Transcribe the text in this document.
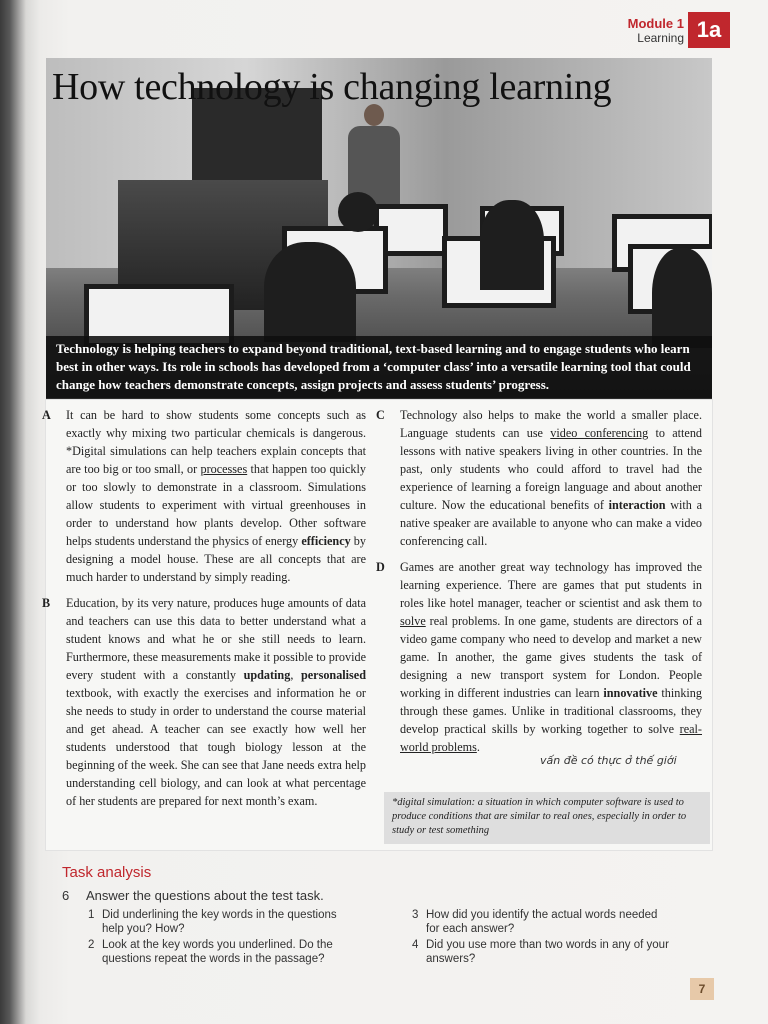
Module 1
Learning 1a
How technology is changing learning
Technology is helping teachers to expand beyond traditional, text-based learning and to engage students who learn best in other ways. Its role in schools has developed from a ‘computer class’ into a versatile learning tool that could change how teachers demonstrate concepts, assign projects and assess students’ progress.

A It can be hard to show students some concepts such as exactly why mixing two particular chemicals is dangerous. *Digital simulations can help teachers explain concepts that are too big or too small, or processes that happen too quickly or too slowly to demonstrate in a classroom. Simulations allow students to experiment with virtual greenhouses in order to understand how plants develop. Other software helps students understand the physics of energy efficiency by designing a model house. These are all concepts that are much harder to understand by simply reading.

B Education, by its very nature, produces huge amounts of data and teachers can use this data to better understand what a student knows and what he or she still needs to learn. Furthermore, these measurements make it possible to provide every student with a constantly updating, personalised textbook, with exactly the exercises and information he or she needs to study in order to understand the course material and get ahead. A teacher can see exactly how well her students understood that tough biology lesson at the beginning of the week. She can see that Jane needs extra help understanding cell biology, and can look at what percentage of her students are prepared for next month’s exam.

C Technology also helps to make the world a smaller place. Language students can use video conferencing to attend lessons with native speakers living in other countries. In the past, only students who could afford to travel had the experience of learning a foreign language and about another culture. Now the educational benefits of interaction with a native speaker are available to anyone who can make a video conferencing call.

D Games are another great way technology has improved the learning experience. There are games that put students in roles like hotel manager, teacher or scientist and ask them to solve real problems. In one game, students are directors of a video game company who need to develop and market a new game. In another, the game gives students the task of designing a new transport system for London. People working in different industries can learn innovative thinking through these games. Unlike in traditional classrooms, they develop practical skills by working together to solve real-world problems.

vấn đề có thực ở thế giới
*digital simulation: a situation in which computer software is used to produce conditions that are similar to real ones, especially in order to study or test something
Task analysis
6 Answer the questions about the test task.
1 Did underlining the key words in the questions help you? How?
2 Look at the key words you underlined. Do the questions repeat the words in the passage?
3 How did you identify the actual words needed for each answer?
4 Did you use more than two words in any of your answers?
7
